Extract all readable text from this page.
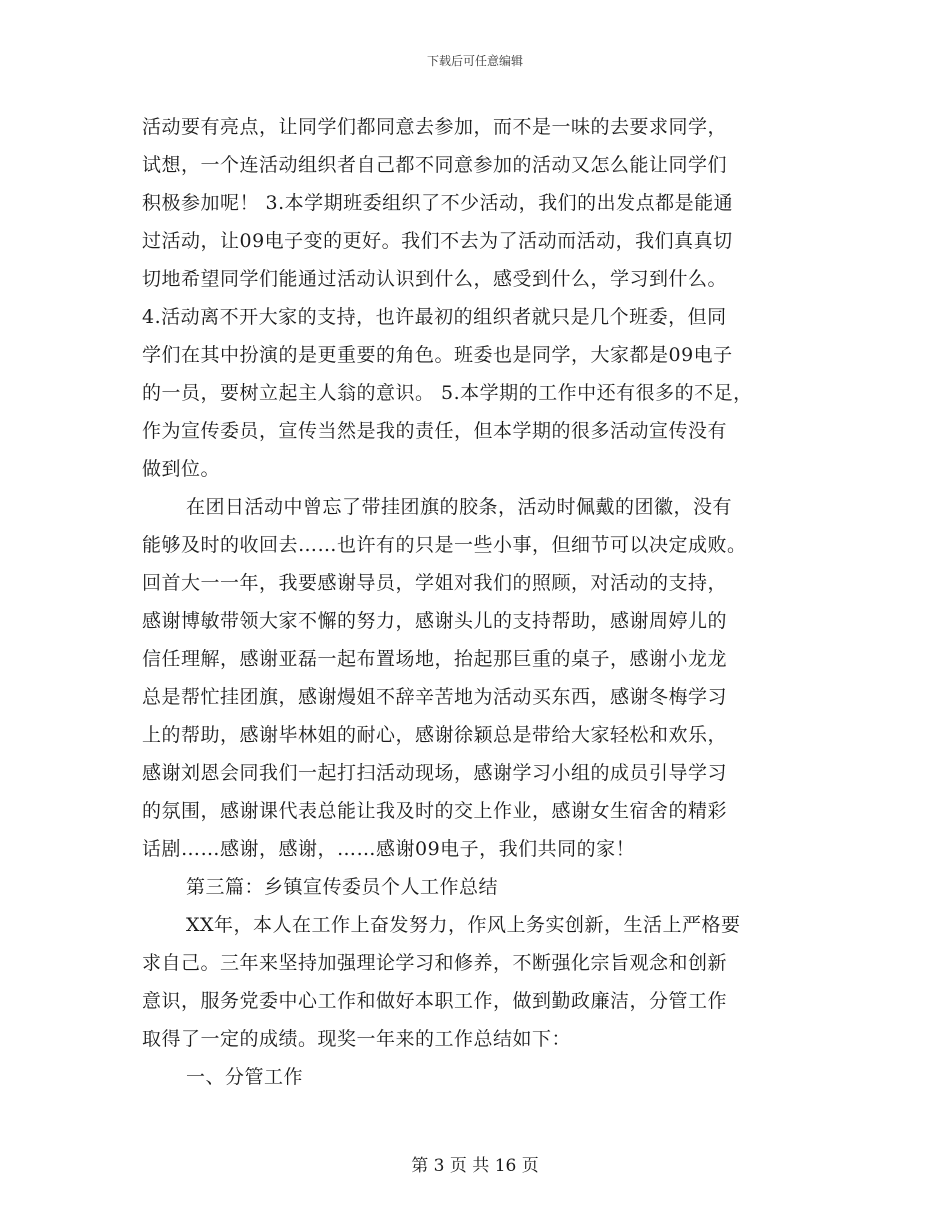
下载后可任意编辑
活动要有亮点，让同学们都同意去参加，而不是一味的去要求同学，
试想，一个连活动组织者自己都不同意参加的活动又怎么能让同学们
积极参加呢！ 3.本学期班委组织了不少活动，我们的出发点都是能通
过活动，让09电子变的更好。我们不去为了活动而活动，我们真真切
切地希望同学们能通过活动认识到什么，感受到什么，学习到什么。
4.活动离不开大家的支持，也许最初的组织者就只是几个班委，但同
学们在其中扮演的是更重要的角色。班委也是同学，大家都是09电子
的一员，要树立起主人翁的意识。 5.本学期的工作中还有很多的不足，
作为宣传委员，宣传当然是我的责任，但本学期的很多活动宣传没有
做到位。
在团日活动中曾忘了带挂团旗的胶条，活动时佩戴的团徽，没有
能够及时的收回去……也许有的只是一些小事，但细节可以决定成败。
回首大一一年，我要感谢导员，学姐对我们的照顾，对活动的支持，
感谢博敏带领大家不懈的努力，感谢头儿的支持帮助，感谢周婷儿的
信任理解，感谢亚磊一起布置场地，抬起那巨重的桌子，感谢小龙龙
总是帮忙挂团旗，感谢熳姐不辞辛苦地为活动买东西，感谢冬梅学习
上的帮助，感谢毕林姐的耐心，感谢徐颖总是带给大家轻松和欢乐，
感谢刘恩会同我们一起打扫活动现场，感谢学习小组的成员引导学习
的氛围，感谢课代表总能让我及时的交上作业，感谢女生宿舍的精彩
话剧……感谢，感谢，……感谢09电子，我们共同的家！
第三篇：乡镇宣传委员个人工作总结
XX年，本人在工作上奋发努力，作风上务实创新，生活上严格要
求自己。三年来坚持加强理论学习和修养，不断强化宗旨观念和创新
意识，服务党委中心工作和做好本职工作，做到勤政廉洁，分管工作
取得了一定的成绩。现奖一年来的工作总结如下：
一、分管工作
第 3 页 共 16 页
